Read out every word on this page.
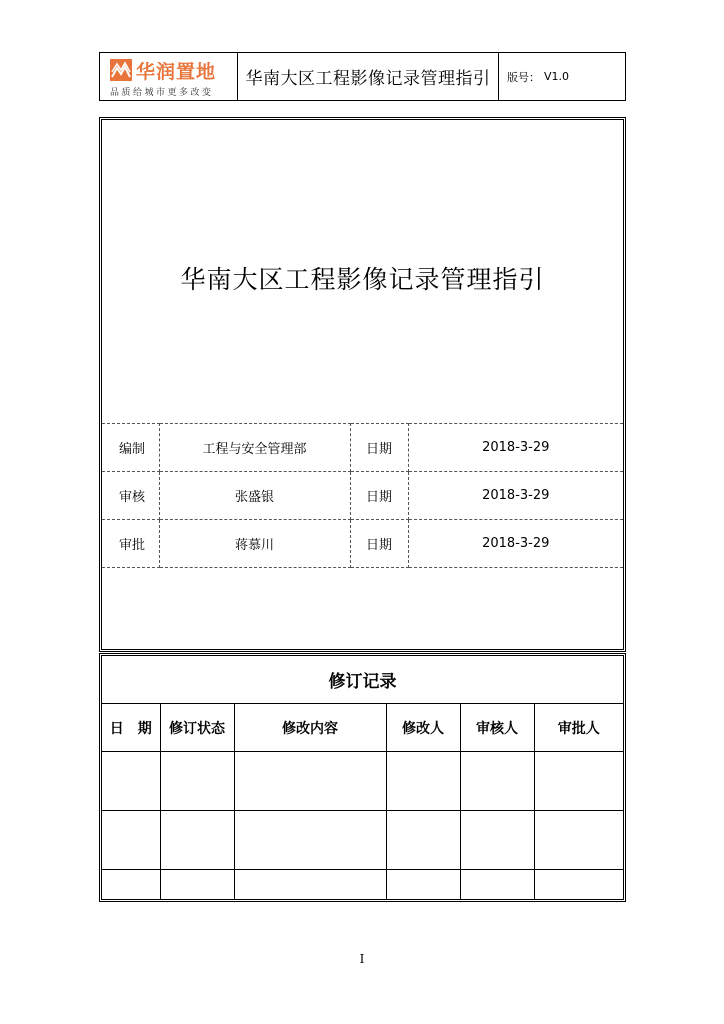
华润置地
品质给城市更多改变
华南大区工程影像记录管理指引	版号： V1.0
华南大区工程影像记录管理指引
编制	工程与安全管理部	日期	2018-3-29
审核	张盛银	日期	2018-3-29
审批	蒋慕川	日期	2018-3-29
修订记录					
日　期	修订状态	修改内容	修改人	审核人	审批人

I
